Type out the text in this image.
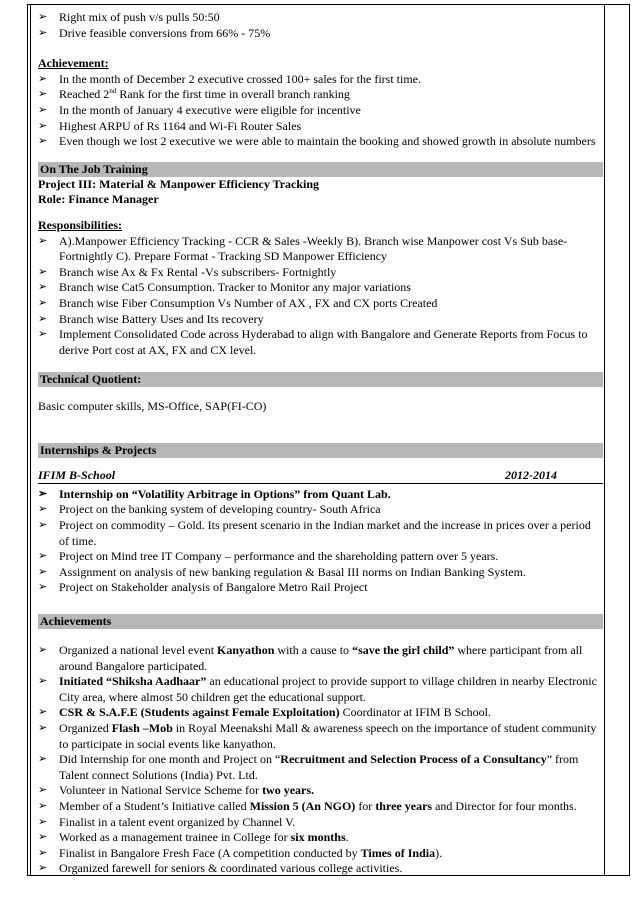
➢ Right mix of push v/s pulls 50:50
➢ Drive feasible conversions from 66% - 75%
Achievement:
➢ In the month of December 2 executive crossed 100+ sales for the first time.
➢ Reached 2nd Rank for the first time in overall branch ranking
➢ In the month of January 4 executive were eligible for incentive
➢ Highest ARPU of Rs 1164 and Wi-Fi Router Sales
➢ Even though we lost 2 executive we were able to maintain the booking and showed growth in absolute numbers
On The Job Training
Project III: Material & Manpower Efficiency Tracking
Role: Finance Manager
Responsibilities:
➢ A).Manpower Efficiency Tracking - CCR & Sales -Weekly B). Branch wise Manpower cost Vs Sub base-Fortnightly C). Prepare Format - Tracking SD Manpower Efficiency
➢ Branch wise Ax & Fx Rental -Vs subscribers- Fortnightly
➢ Branch wise Cat5 Consumption. Tracker to Monitor any major variations
➢ Branch wise Fiber Consumption Vs Number of AX , FX and CX ports Created
➢ Branch wise Battery Uses and Its recovery
➢ Implement Consolidated Code across Hyderabad to align with Bangalore and Generate Reports from Focus to derive Port cost at AX, FX and CX level.
Technical Quotient:
Basic computer skills, MS-Office, SAP(FI-CO)
Internships & Projects
IFIM B-School	2012-2014
➢ Internship on “Volatility Arbitrage in Options” from Quant Lab.
➢ Project on the banking system of developing country- South Africa
➢ Project on commodity – Gold. Its present scenario in the Indian market and the increase in prices over a period of time.
➢ Project on Mind tree IT Company – performance and the shareholding pattern over 5 years.
➢ Assignment on analysis of new banking regulation & Basal III norms on Indian Banking System.
➢ Project on Stakeholder analysis of Bangalore Metro Rail Project
Achievements
➢ Organized a national level event Kanyathon with a cause to “save the girl child” where participant from all around Bangalore participated.
➢ Initiated “Shiksha Aadhaar” an educational project to provide support to village children in nearby Electronic City area, where almost 50 children get the educational support.
➢ CSR & S.A.F.E (Students against Female Exploitation) Coordinator at IFIM B School.
➢ Organized Flash –Mob in Royal Meenakshi Mall & awareness speech on the importance of student community to participate in social events like kanyathon.
➢ Did Internship for one month and Project on “Recruitment and Selection Process of a Consultancy” from Talent connect Solutions (India) Pvt. Ltd.
➢ Volunteer in National Service Scheme for two years.
➢ Member of a Student’s Initiative called Mission 5 (An NGO) for three years and Director for four months.
➢ Finalist in a talent event organized by Channel V.
➢ Worked as a management trainee in College for six months.
➢ Finalist in Bangalore Fresh Face (A competition conducted by Times of India).
➢ Organized farewell for seniors & coordinated various college activities.
